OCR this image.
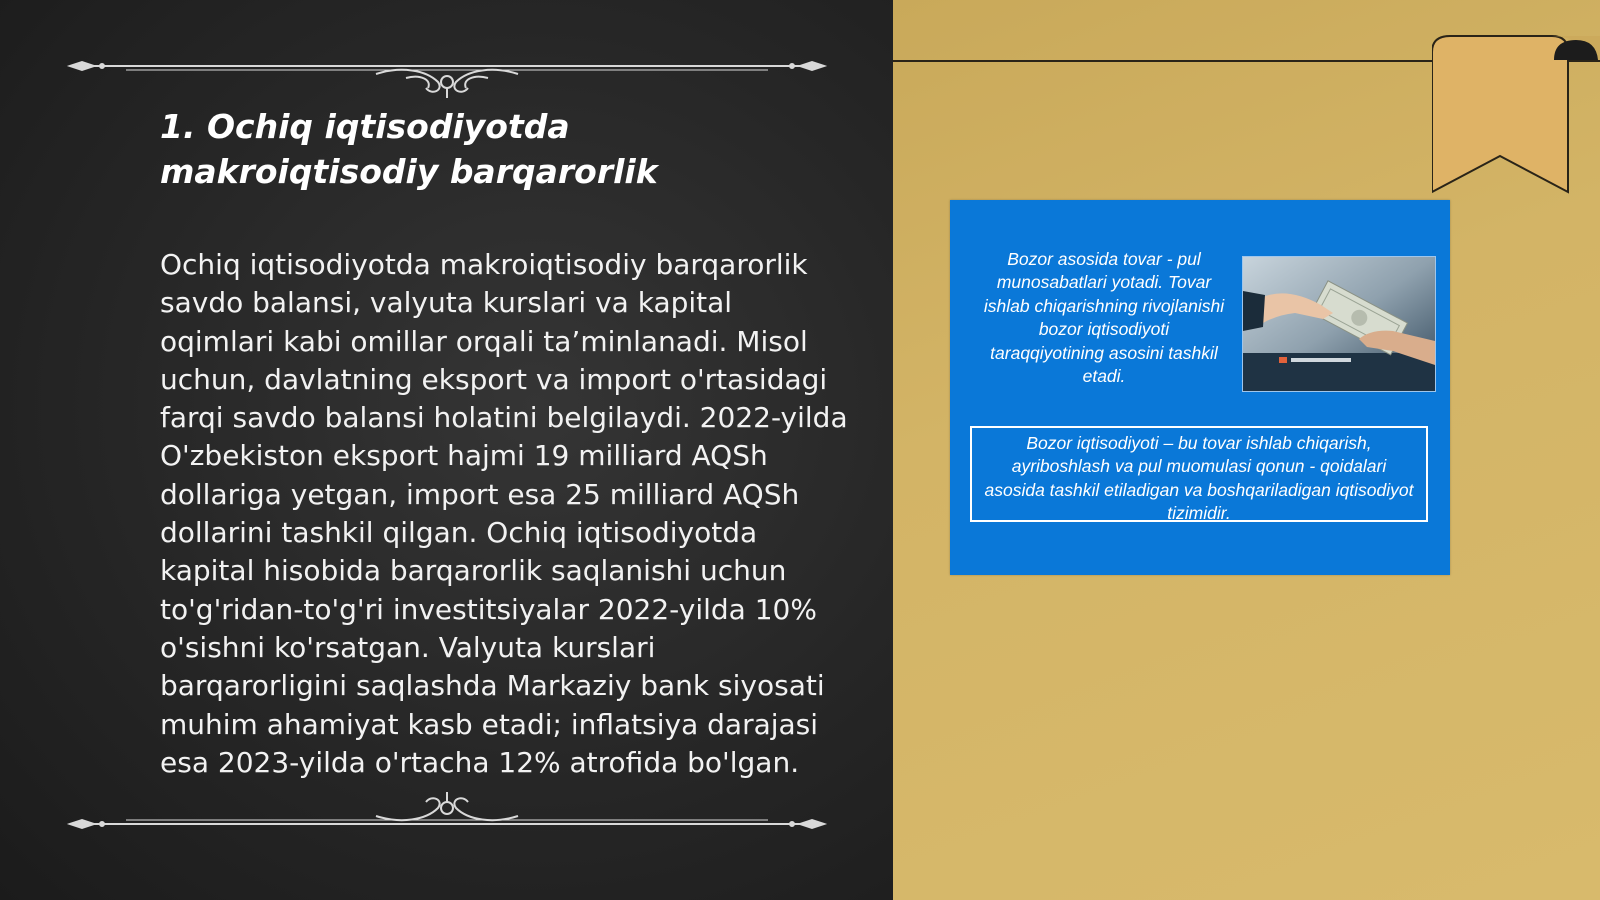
1. Ochiq iqtisodiyotda makroiqtisodiy barqarorlik

Ochiq iqtisodiyotda makroiqtisodiy barqarorlik savdo balansi, valyuta kurslari va kapital oqimlari kabi omillar orqali ta’minlanadi. Misol uchun, davlatning eksport va import o'rtasidagi farqi savdo balansi holatini belgilaydi. 2022-yilda O'zbekiston eksport hajmi 19 milliard AQSh dollariga yetgan, import esa 25 milliard AQSh dollarini tashkil qilgan. Ochiq iqtisodiyotda kapital hisobida barqarorlik saqlanishi uchun to'g'ridan-to'g'ri investitsiyalar 2022-yilda 10% o'sishni ko'rsatgan. Valyuta kurslari barqarorligini saqlashda Markaziy bank siyosati muhim ahamiyat kasb etadi; inflatsiya darajasi esa 2023-yilda o'rtacha 12% atrofida bo'lgan.

Bozor asosida tovar - pul munosabatlari yotadi. Tovar ishlab chiqarishning rivojlanishi bozor iqtisodiyoti taraqqiyotining asosini tashkil etadi.
Bozor iqtisodiyoti – bu tovar ishlab chiqarish, ayriboshlash va pul muomulasi qonun - qoidalari asosida tashkil etiladigan va boshqariladigan iqtisodiyot tizimidir.
